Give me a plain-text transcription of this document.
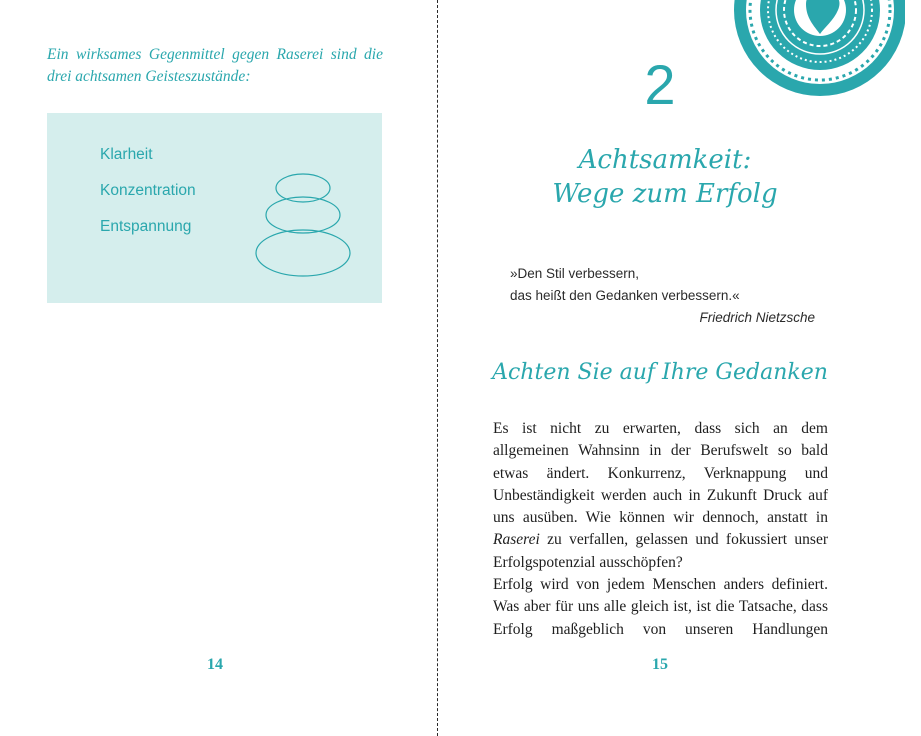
Ein wirksames Gegenmittel gegen Raserei sind die drei achtsamen Geisteszustände:

Klarheit
Konzentration
Entspannung
14
2
Achtsamkeit:
Wege zum Erfolg
»Den Stil verbessern,
das heißt den Gedanken verbessern.«
Friedrich Nietzsche
Achten Sie auf Ihre Gedanken

Es ist nicht zu erwarten, dass sich an dem allgemeinen Wahnsinn in der Berufswelt so bald etwas ändert. Konkurrenz, Verknappung und Unbeständigkeit werden auch in Zukunft Druck auf uns ausüben. Wie können wir dennoch, anstatt in Raserei zu verfallen, gelassen und fokussiert unser Erfolgspotenzial ausschöpfen?

Erfolg wird von jedem Menschen anders definiert. Was aber für uns alle gleich ist, ist die Tatsache, dass Erfolg maßgeblich von unseren Handlungen

15
